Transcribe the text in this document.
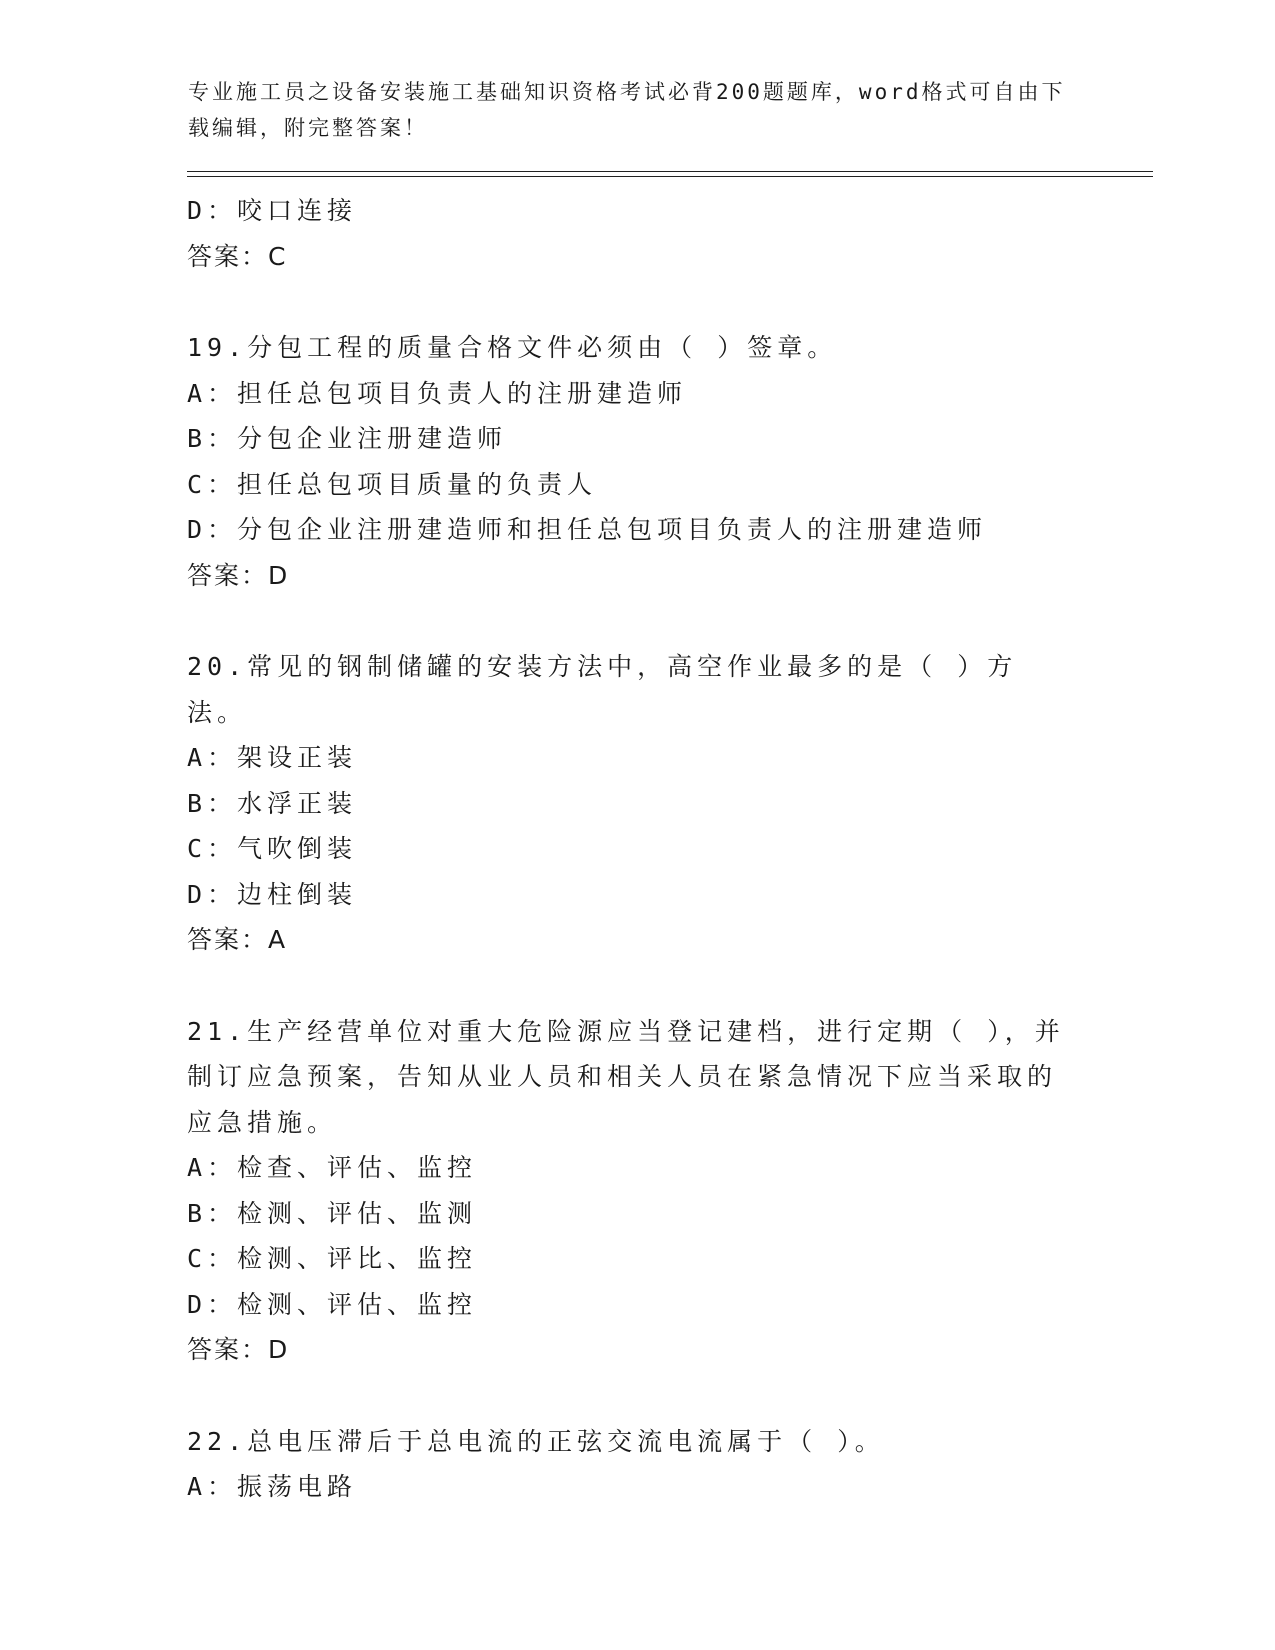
专业施工员之设备安装施工基础知识资格考试必背200题题库，word格式可自由下载编辑，附完整答案！
D：咬口连接
答案：C
19.分包工程的质量合格文件必须由（ ）签章。
A：担任总包项目负责人的注册建造师
B：分包企业注册建造师
C：担任总包项目质量的负责人
D：分包企业注册建造师和担任总包项目负责人的注册建造师
答案：D
20.常见的钢制储罐的安装方法中，高空作业最多的是（ ）方法。
A：架设正装
B：水浮正装
C：气吹倒装
D：边柱倒装
答案：A
21.生产经营单位对重大危险源应当登记建档，进行定期（ ），并制订应急预案，告知从业人员和相关人员在紧急情况下应当采取的应急措施。
A：检查、评估、监控
B：检测、评估、监测
C：检测、评比、监控
D：检测、评估、监控
答案：D
22.总电压滞后于总电流的正弦交流电流属于（ ）。
A：振荡电路
